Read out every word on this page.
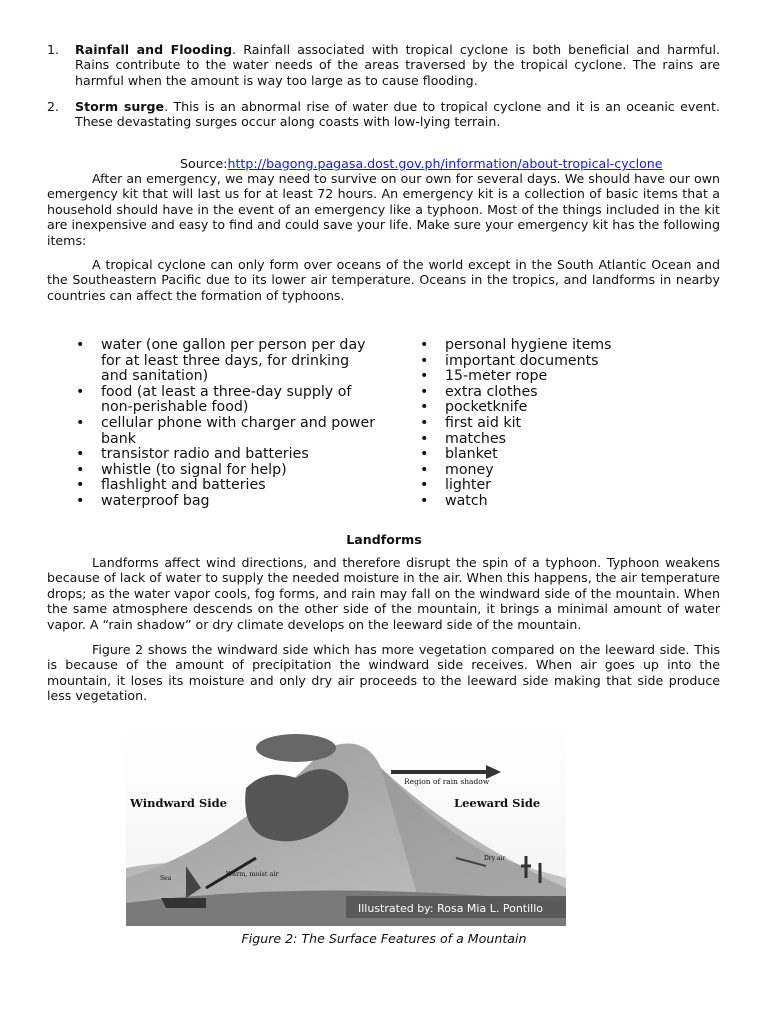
1. Rainfall and Flooding. Rainfall associated with tropical cyclone is both beneficial and harmful. Rains contribute to the water needs of the areas traversed by the tropical cyclone. The rains are harmful when the amount is way too large as to cause flooding.
2. Storm surge. This is an abnormal rise of water due to tropical cyclone and it is an oceanic event. These devastating surges occur along coasts with low-lying terrain.
Source:http://bagong.pagasa.dost.gov.ph/information/about-tropical-cyclone

After an emergency, we may need to survive on our own for several days. We should have our own emergency kit that will last us for at least 72 hours. An emergency kit is a collection of basic items that a household should have in the event of an emergency like a typhoon. Most of the things included in the kit are inexpensive and easy to find and could save your life. Make sure your emergency kit has the following items:

A tropical cyclone can only form over oceans of the world except in the South Atlantic Ocean and the Southeastern Pacific due to its lower air temperature. Oceans in the tropics, and landforms in nearby countries can affect the formation of typhoons.

• water (one gallon per person per day for at least three days, for drinking and sanitation)
• food (at least a three-day supply of non-perishable food)
• cellular phone with charger and power bank
• transistor radio and batteries
• whistle (to signal for help)
• flashlight and batteries
• waterproof bag
• personal hygiene items
• important documents
• 15-meter rope
• extra clothes
• pocketknife
• first aid kit
• matches
• blanket
• money
• lighter
• watch
Landforms

Landforms affect wind directions, and therefore disrupt the spin of a typhoon. Typhoon weakens because of lack of water to supply the needed moisture in the air. When this happens, the air temperature drops; as the water vapor cools, fog forms, and rain may fall on the windward side of the mountain. When the same atmosphere descends on the other side of the mountain, it brings a minimal amount of water vapor. A “rain shadow” or dry climate develops on the leeward side of the mountain.

Figure 2 shows the windward side which has more vegetation compared on the leeward side. This is because of the amount of precipitation the windward side receives. When air goes up into the mountain, it loses its moisture and only dry air proceeds to the leeward side making that side produce less vegetation.

Windward Side	Leeward Side
Region of rain shadow
Warm, moist air
Dry air
Sea
Illustrated by: Rosa Mia L. Pontillo
Figure 2: The Surface Features of a Mountain
